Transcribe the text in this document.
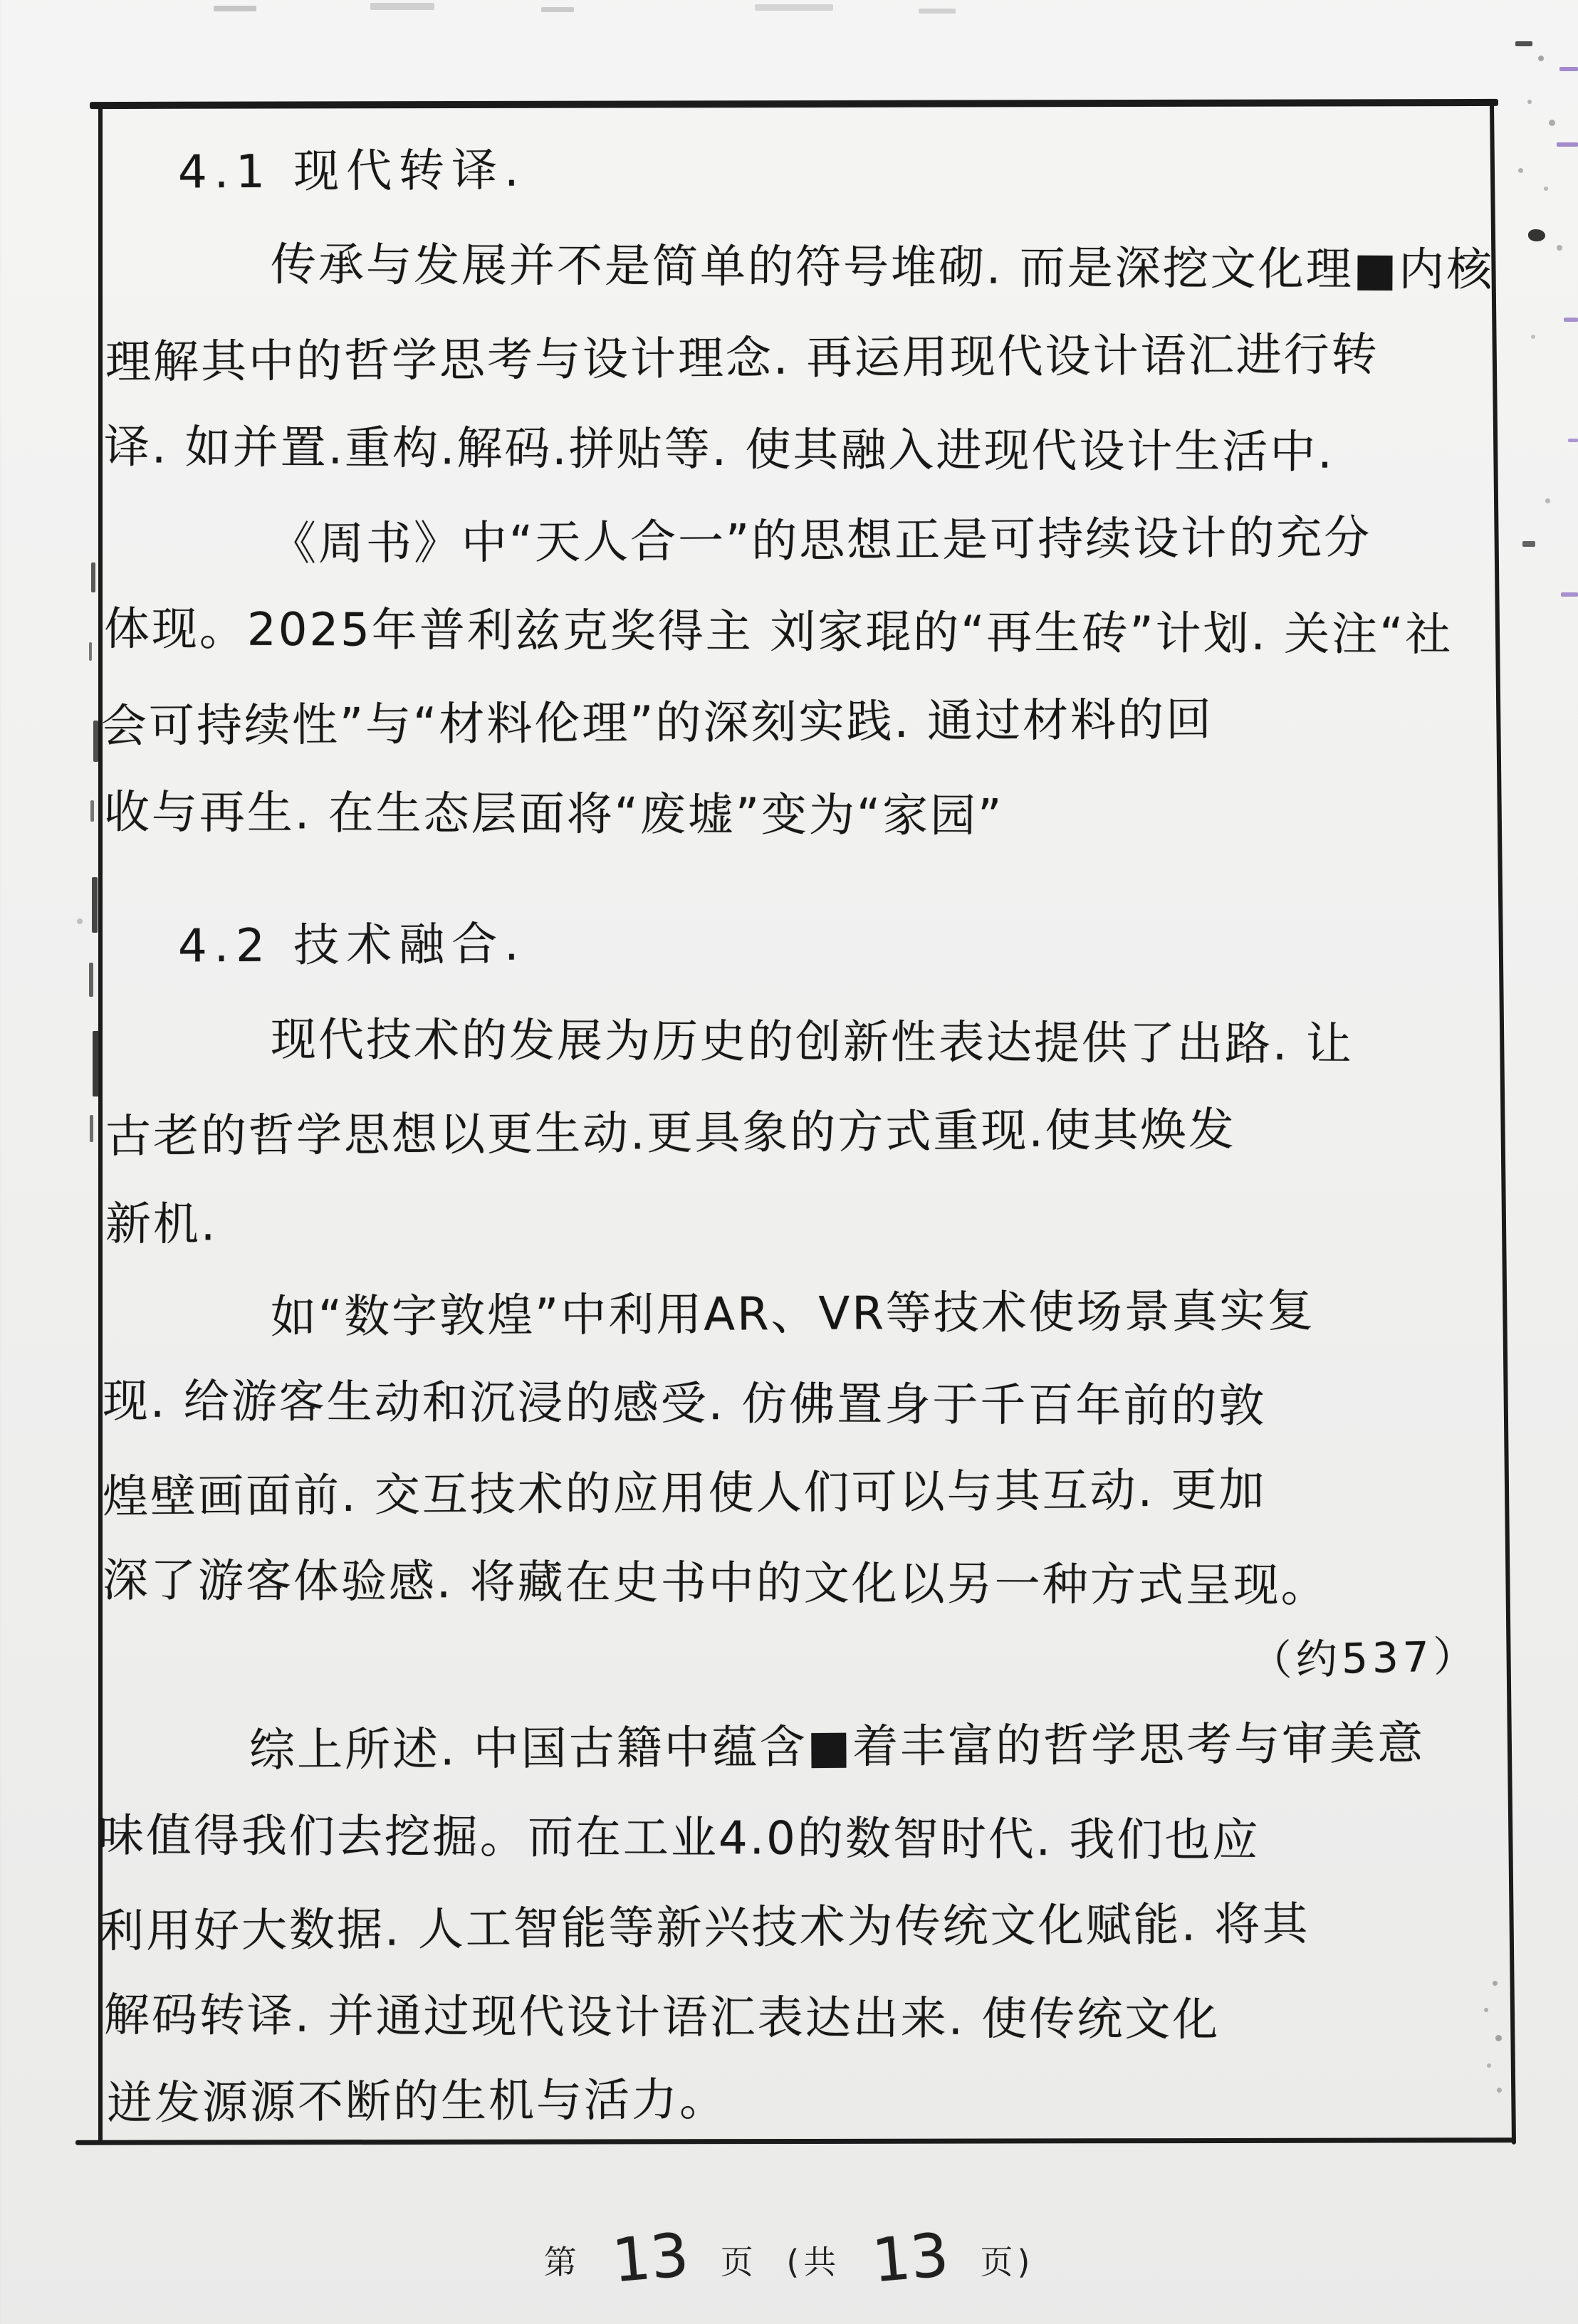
4.1 现代转译.
传承与发展并不是简单的符号堆砌. 而是深挖文化理■内核
理解其中的哲学思考与设计理念. 再运用现代设计语汇进行转
译. 如并置.重构.解码.拼贴等. 使其融入进现代设计生活中.
《周书》中“天人合一”的思想正是可持续设计的充分
体现。2025年普利兹克奖得主 刘家琨的“再生砖”计划. 关注“社
会可持续性”与“材料伦理”的深刻实践. 通过材料的回
收与再生. 在生态层面将“废墟”变为“家园”
4.2 技术融合.
现代技术的发展为历史的创新性表达提供了出路. 让
古老的哲学思想以更生动.更具象的方式重现.使其焕发
新机.
如“数字敦煌”中利用AR、VR等技术使场景真实复
现. 给游客生动和沉浸的感受. 仿佛置身于千百年前的敦
煌壁画面前. 交互技术的应用使人们可以与其互动. 更加
深了游客体验感. 将藏在史书中的文化以另一种方式呈现。
（约537）
综上所述. 中国古籍中蕴含■着丰富的哲学思考与审美意
味值得我们去挖掘。而在工业4.0的数智时代. 我们也应
利用好大数据. 人工智能等新兴技术为传统文化赋能. 将其
解码转译. 并通过现代设计语汇表达出来. 使传统文化
迸发源源不断的生机与活力。
第 13 页 (共 13 页)
